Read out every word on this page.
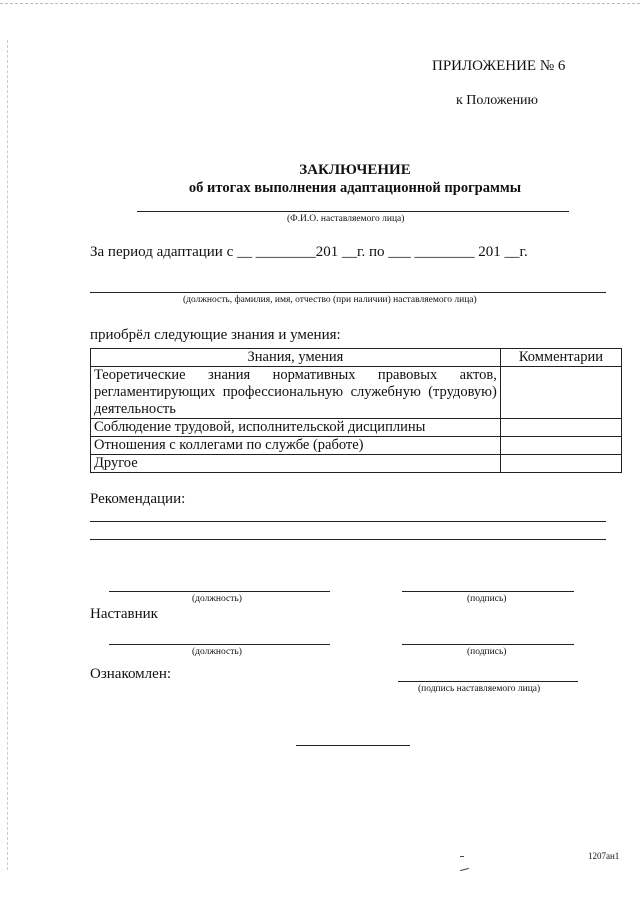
ПРИЛОЖЕНИЕ № 6
к Положению
ЗАКЛЮЧЕНИЕ
об итогах выполнения адаптационной программы
(Ф.И.О. наставляемого лица)
За период адаптации с __ ________201 __г. по ___ ________ 201 __г.
(должность, фамилия, имя, отчество (при наличии) наставляемого лица)
приобрёл следующие знания и умения:
Знания, умения	Комментарии
Теоретические знания нормативных правовых актов, регламентирующих профессиональную служебную (трудовую) деятельность	
Соблюдение трудовой, исполнительской дисциплины	
Отношения с коллегами по службе (работе)	
Другое	
Рекомендации:
(должность)	(подпись)
Наставник
(должность)	(подпись)
Ознакомлен:
(подпись наставляемого лица)
1207ан1
